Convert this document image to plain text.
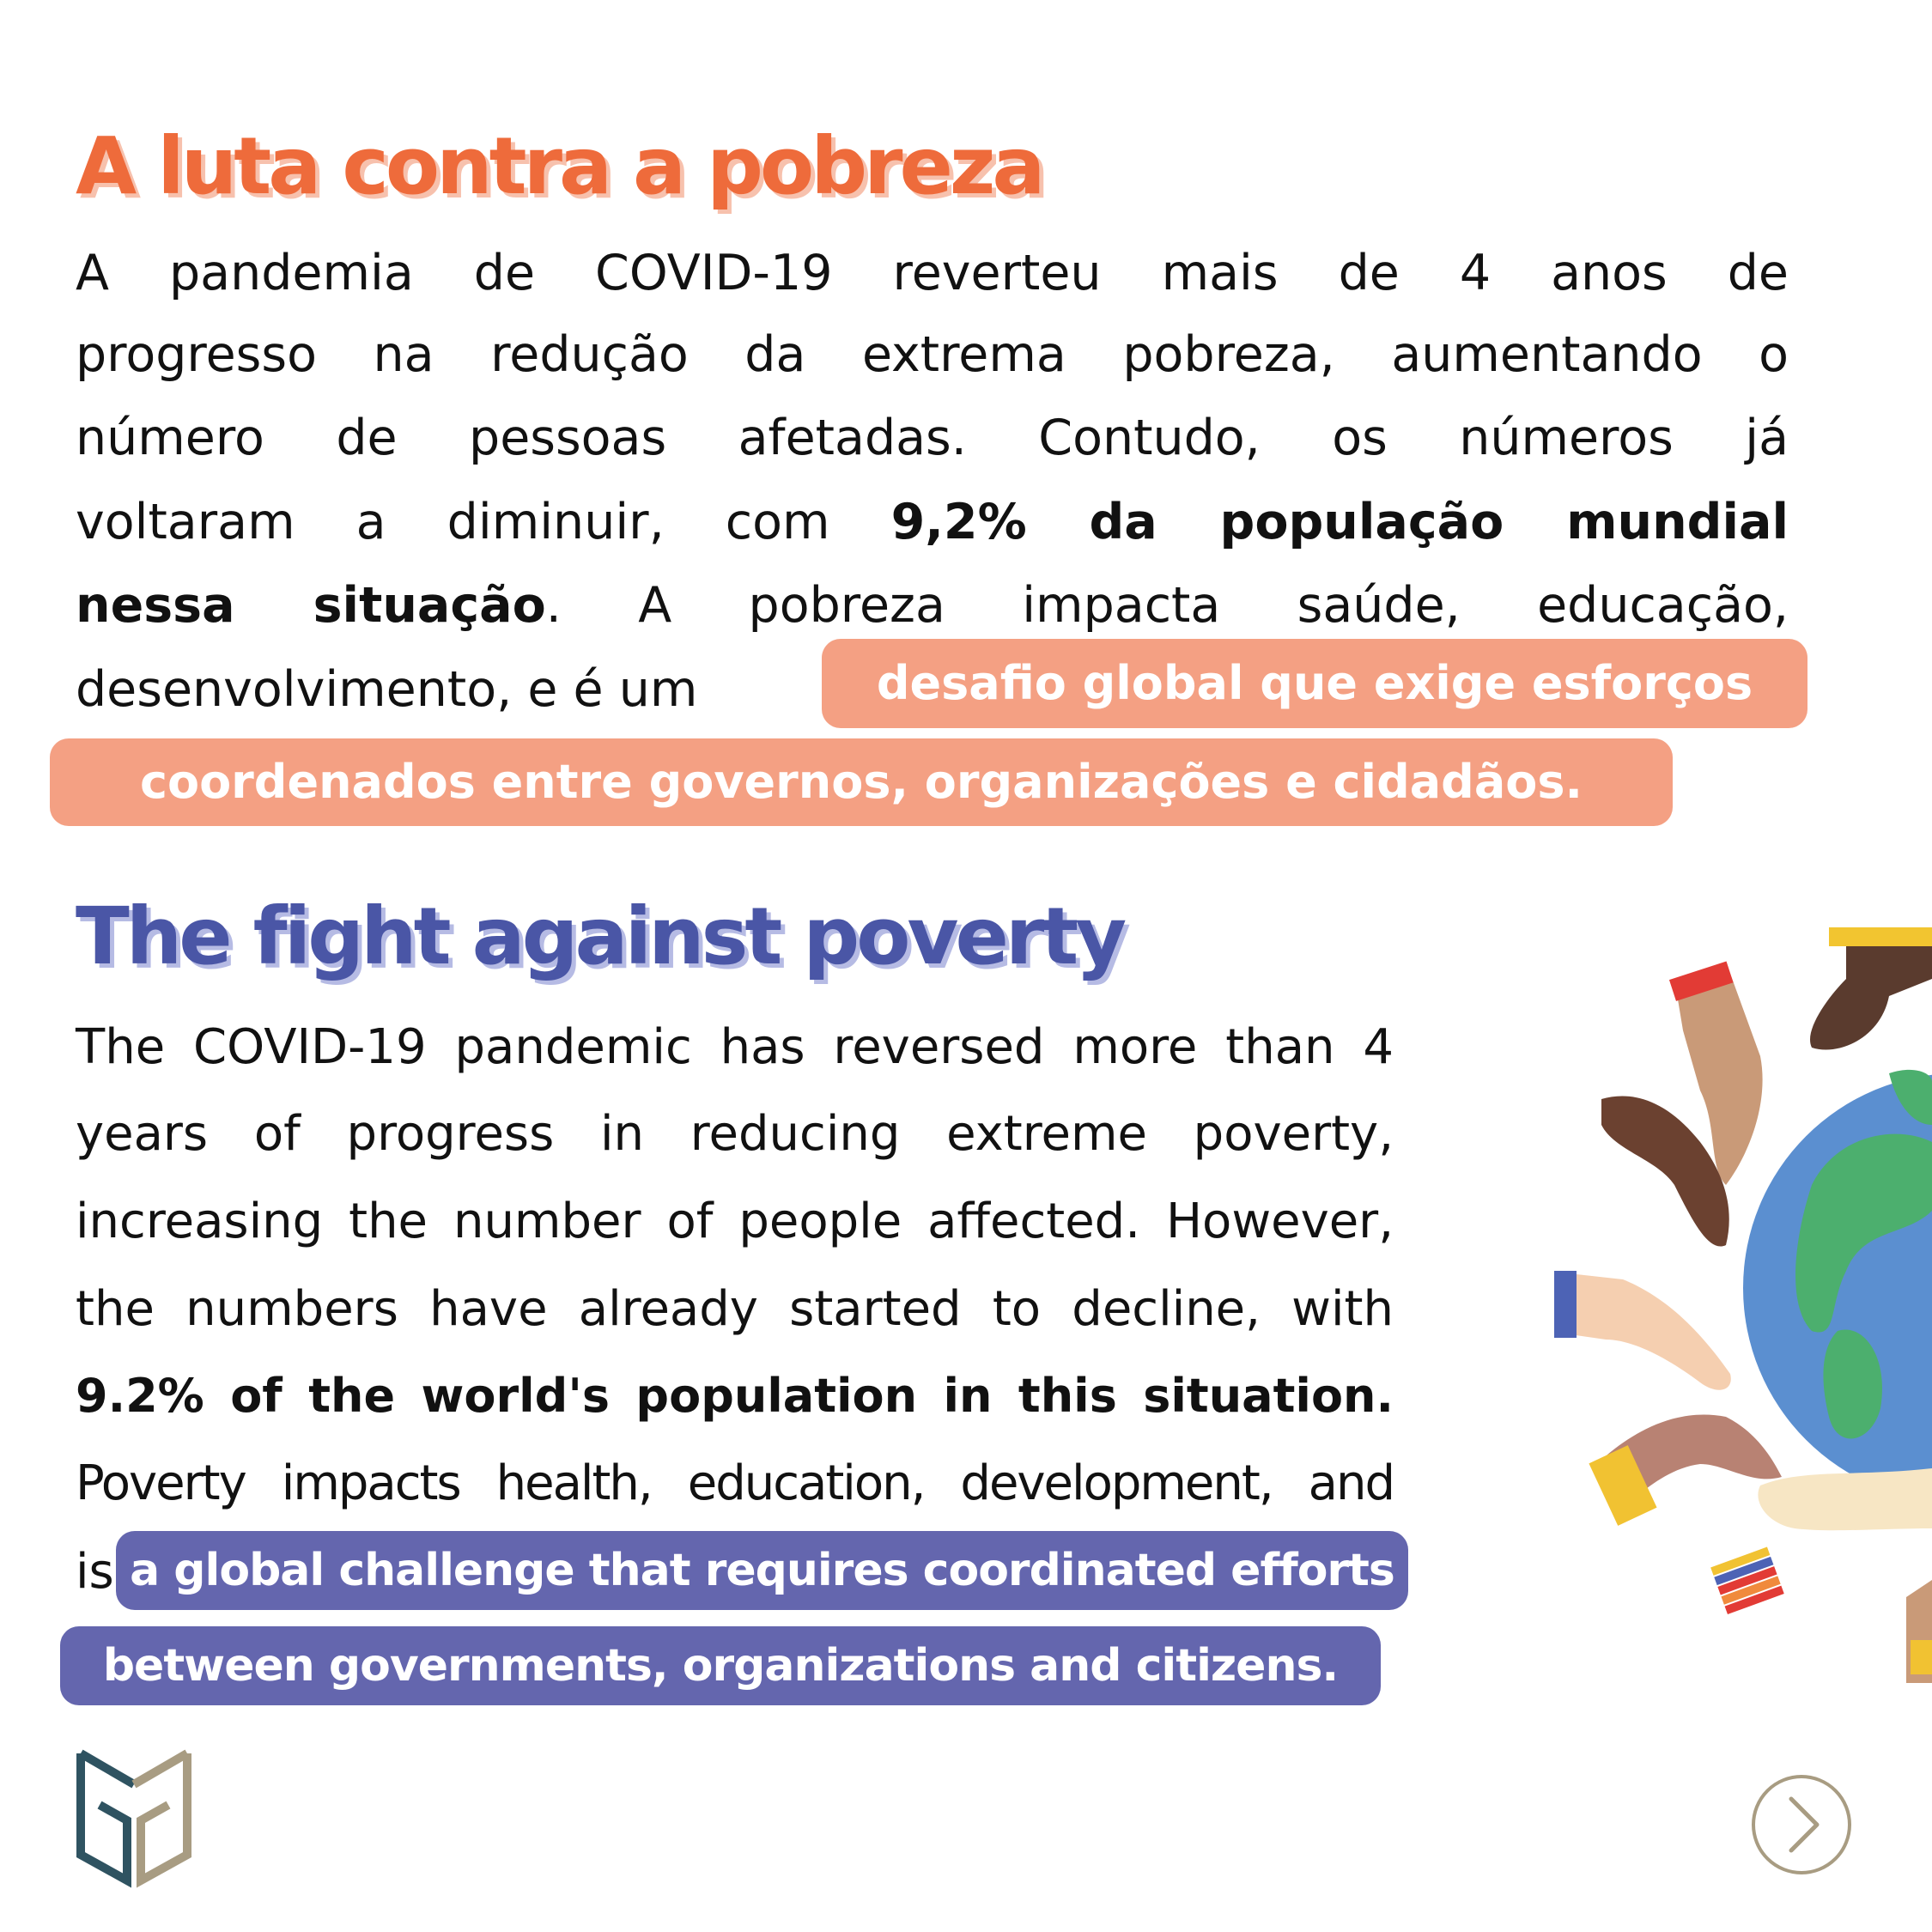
A luta contra a pobreza

A pandemia de COVID-19 reverteu mais de 4 anos de

progresso na redução da extrema pobreza, aumentando o

número de pessoas afetadas. Contudo, os números já

voltaram a diminuir, com 9,2% da população mundial

nessa situação. A pobreza impacta saúde, educação,

desenvolvimento, e é um	desafio global que exige esforços
coordenados entre governos, organizações e cidadãos.
The fight against poverty

The COVID-19 pandemic has reversed more than 4

years of progress in reducing extreme poverty,

increasing the number of people affected. However,

the numbers have already started to decline, with

9.2% of the world's population in this situation.

Poverty impacts health, education, development, and

is a global challenge that requires coordinated efforts
between governments, organizations and citizens.
